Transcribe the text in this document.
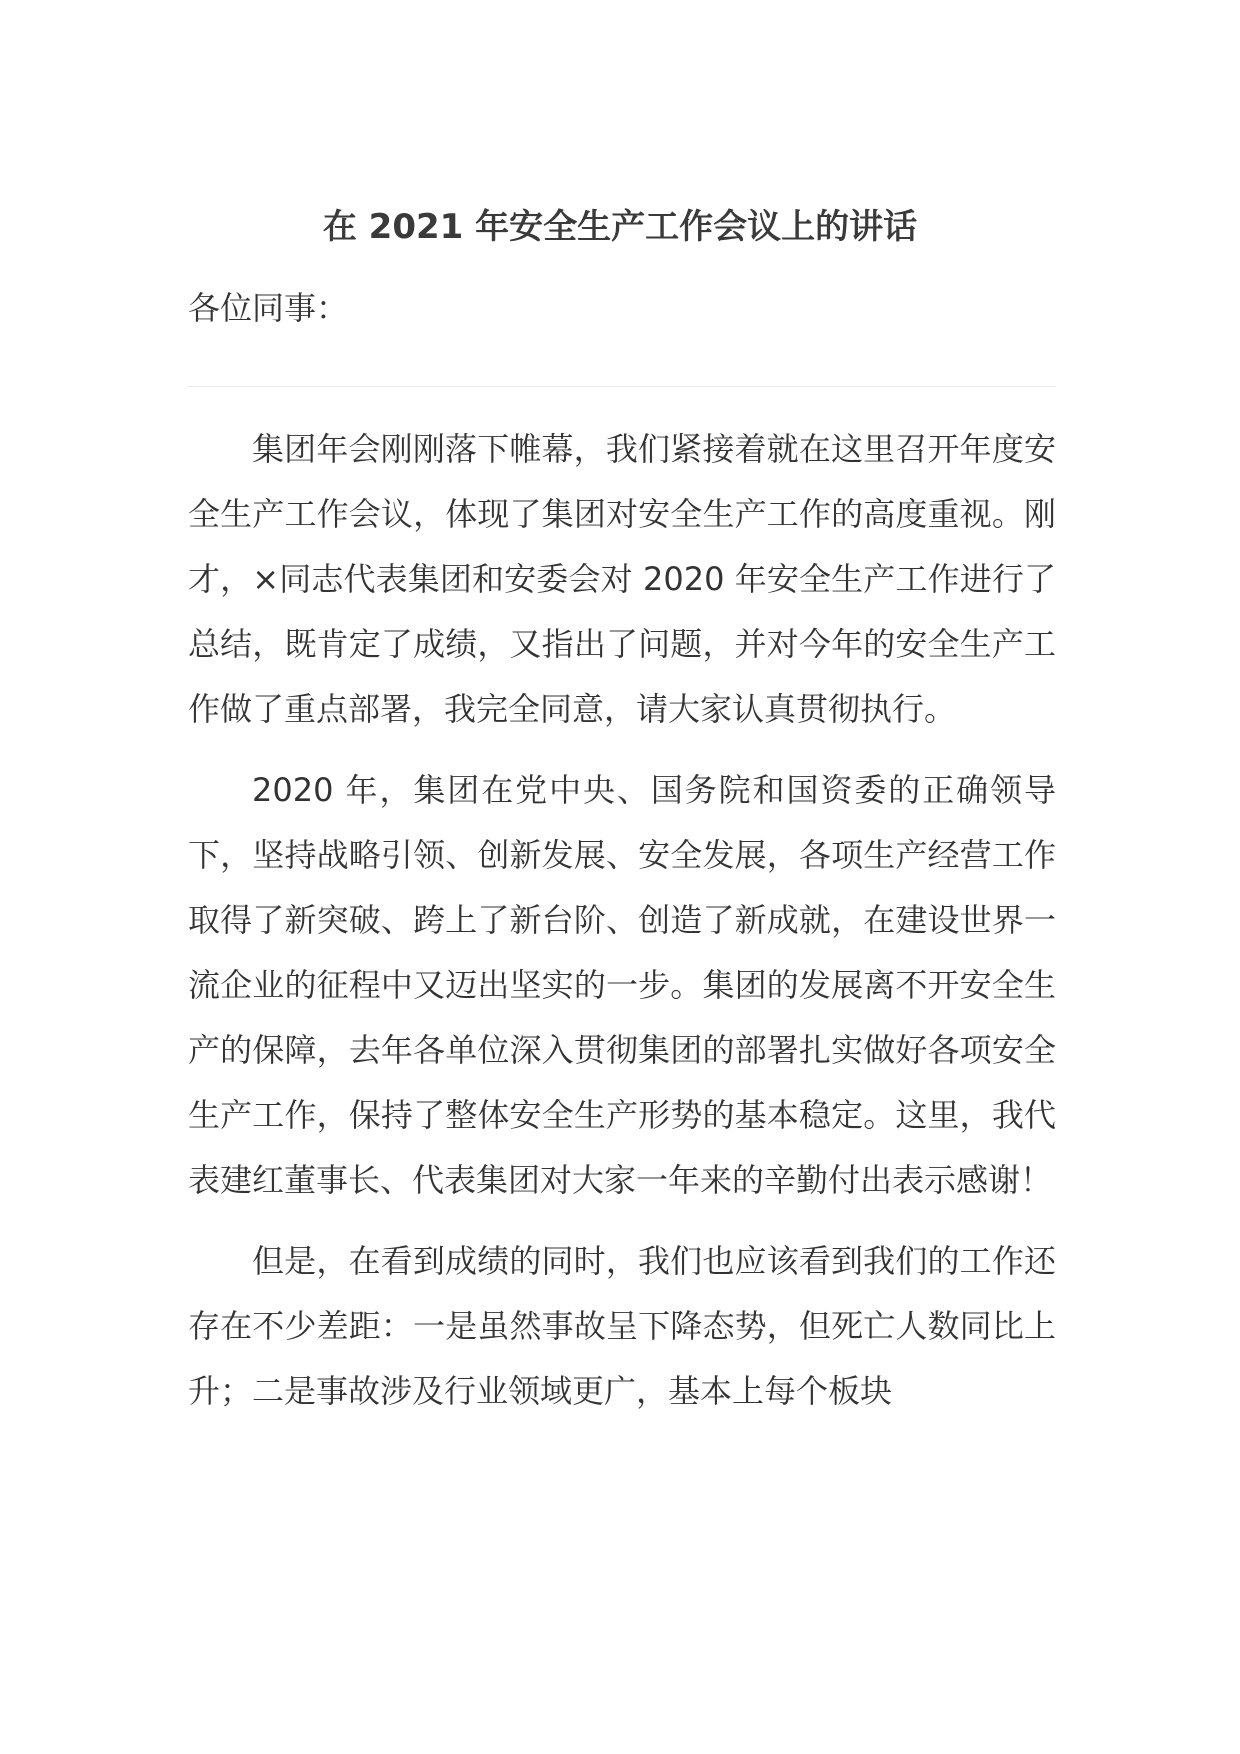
在 2021 年安全生产工作会议上的讲话

各位同事：

集团年会刚刚落下帷幕，我们紧接着就在这里召开年度安全生产工作会议，体现了集团对安全生产工作的高度重视。刚才，×同志代表集团和安委会对 2020 年安全生产工作进行了总结，既肯定了成绩，又指出了问题，并对今年的安全生产工作做了重点部署，我完全同意，请大家认真贯彻执行。

2020 年，集团在党中央、国务院和国资委的正确领导下，坚持战略引领、创新发展、安全发展，各项生产经营工作取得了新突破、跨上了新台阶、创造了新成就，在建设世界一流企业的征程中又迈出坚实的一步。集团的发展离不开安全生产的保障，去年各单位深入贯彻集团的部署扎实做好各项安全生产工作，保持了整体安全生产形势的基本稳定。这里，我代表建红董事长、代表集团对大家一年来的辛勤付出表示感谢！

但是，在看到成绩的同时，我们也应该看到我们的工作还存在不少差距：一是虽然事故呈下降态势，但死亡人数同比上升；二是事故涉及行业领域更广，基本上每个板块
